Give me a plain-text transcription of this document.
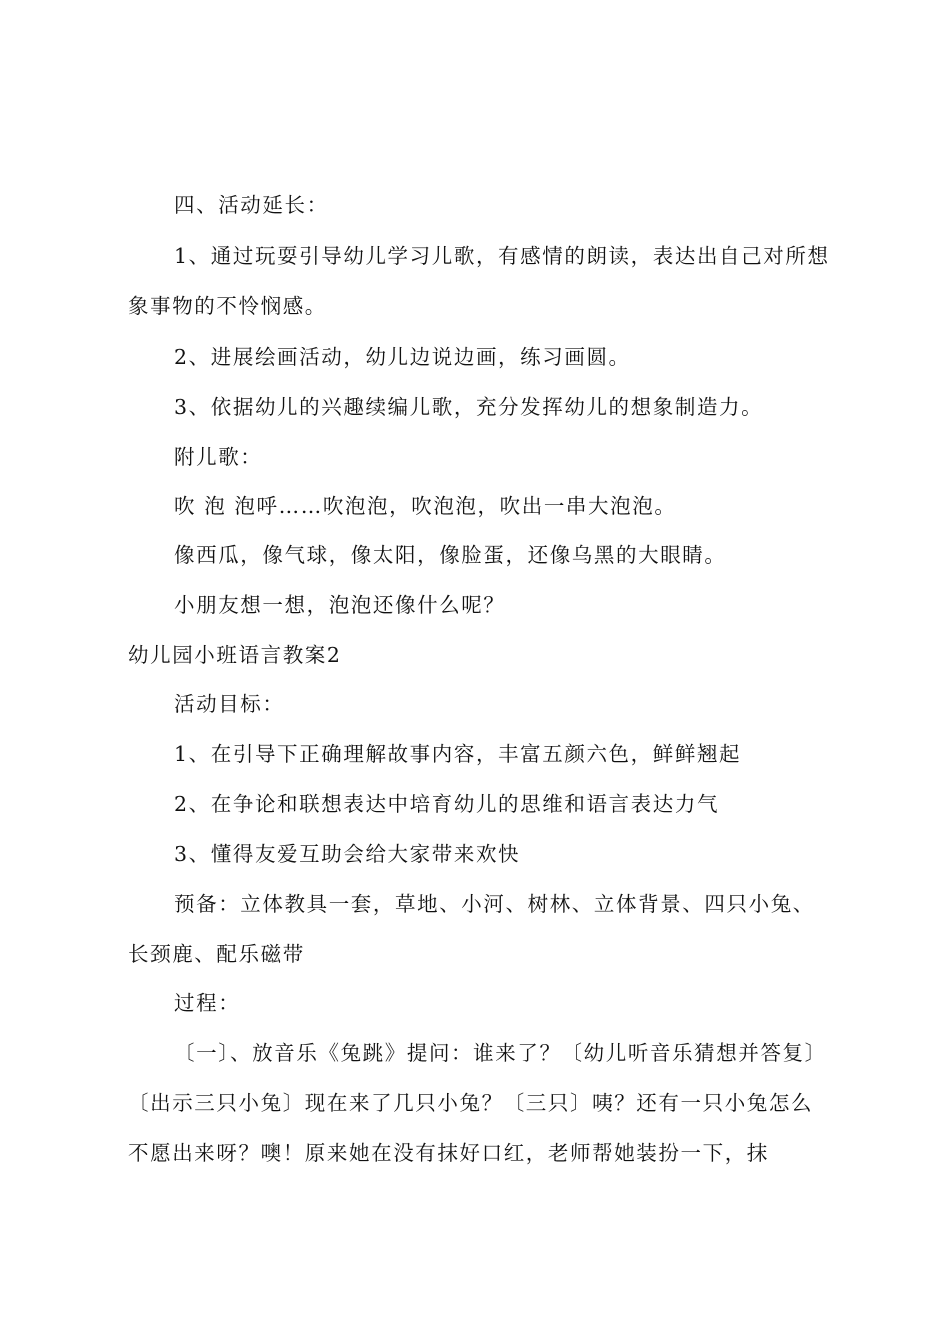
四、活动延长：

1、通过玩耍引导幼儿学习儿歌，有感情的朗读，表达出自己对所想象事物的不怜悯感。

2、进展绘画活动，幼儿边说边画，练习画圆。

3、依据幼儿的兴趣续编儿歌，充分发挥幼儿的想象制造力。

附儿歌：

吹 泡 泡呼……吹泡泡，吹泡泡，吹出一串大泡泡。

像西瓜，像气球，像太阳，像脸蛋，还像乌黑的大眼睛。

小朋友想一想，泡泡还像什么呢？

幼儿园小班语言教案2

活动目标：

1、在引导下正确理解故事内容，丰富五颜六色，鲜鲜翘起

2、在争论和联想表达中培育幼儿的思维和语言表达力气

3、懂得友爱互助会给大家带来欢快

预备：立体教具一套，草地、小河、树林、立体背景、四只小兔、长颈鹿、配乐磁带

过程：

〔一〕、放音乐《兔跳》提问：谁来了？〔幼儿听音乐猜想并答复〕〔出示三只小兔〕现在来了几只小兔？〔三只〕咦？还有一只小兔怎么不愿出来呀？噢！原来她在没有抹好口红，老师帮她装扮一下，抹
